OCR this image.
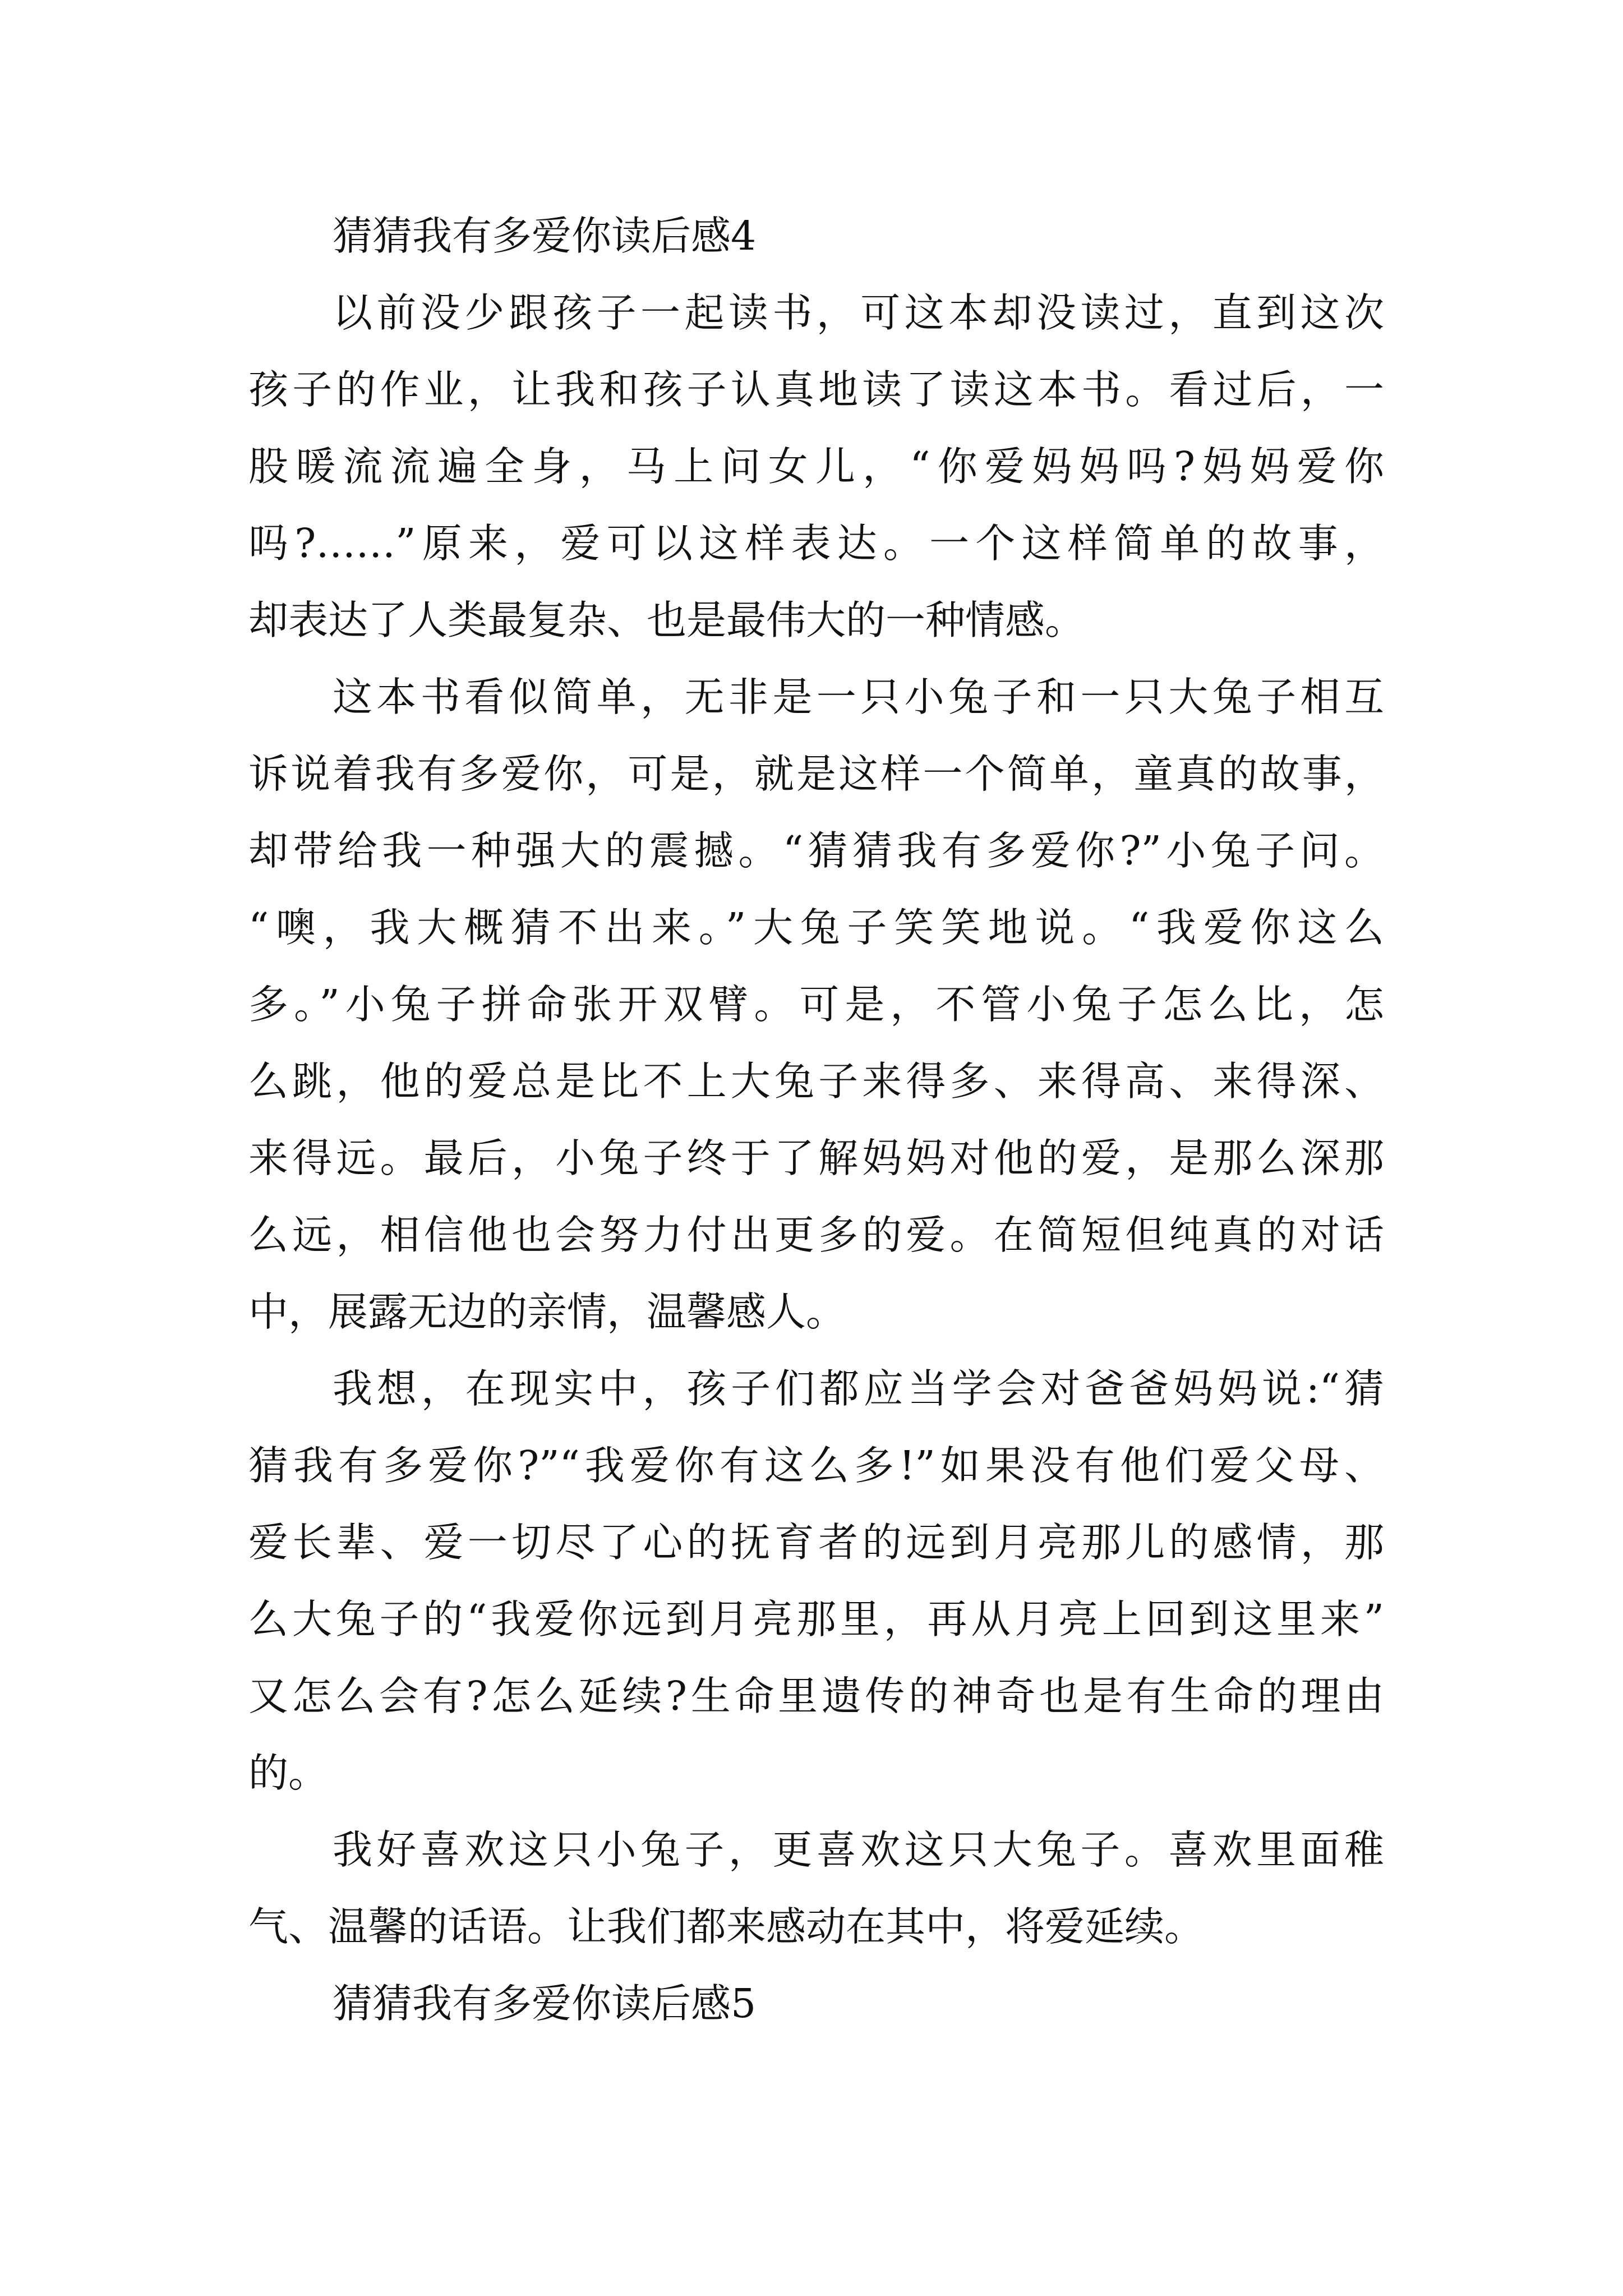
猜猜我有多爱你读后感4
以前没少跟孩子一起读书，可这本却没读过，直到这次
孩子的作业，让我和孩子认真地读了读这本书。看过后，一
股暖流流遍全身，马上问女儿，“你爱妈妈吗?妈妈爱你
吗?……”原来，爱可以这样表达。一个这样简单的故事，
却表达了人类最复杂、也是最伟大的一种情感。
这本书看似简单，无非是一只小兔子和一只大兔子相互
诉说着我有多爱你，可是，就是这样一个简单，童真的故事，
却带给我一种强大的震撼。“猜猜我有多爱你?”小兔子问。
“噢，我大概猜不出来。”大兔子笑笑地说。“我爱你这么
多。”小兔子拼命张开双臂。可是，不管小兔子怎么比，怎
么跳，他的爱总是比不上大兔子来得多、来得高、来得深、
来得远。最后，小兔子终于了解妈妈对他的爱，是那么深那
么远，相信他也会努力付出更多的爱。在简短但纯真的对话
中，展露无边的亲情，温馨感人。
我想，在现实中，孩子们都应当学会对爸爸妈妈说:“猜
猜我有多爱你?”“我爱你有这么多!”如果没有他们爱父母、
爱长辈、爱一切尽了心的抚育者的远到月亮那儿的感情，那
么大兔子的“我爱你远到月亮那里，再从月亮上回到这里来”
又怎么会有?怎么延续?生命里遗传的神奇也是有生命的理由
的。
我好喜欢这只小兔子，更喜欢这只大兔子。喜欢里面稚
气、温馨的话语。让我们都来感动在其中，将爱延续。
猜猜我有多爱你读后感5
